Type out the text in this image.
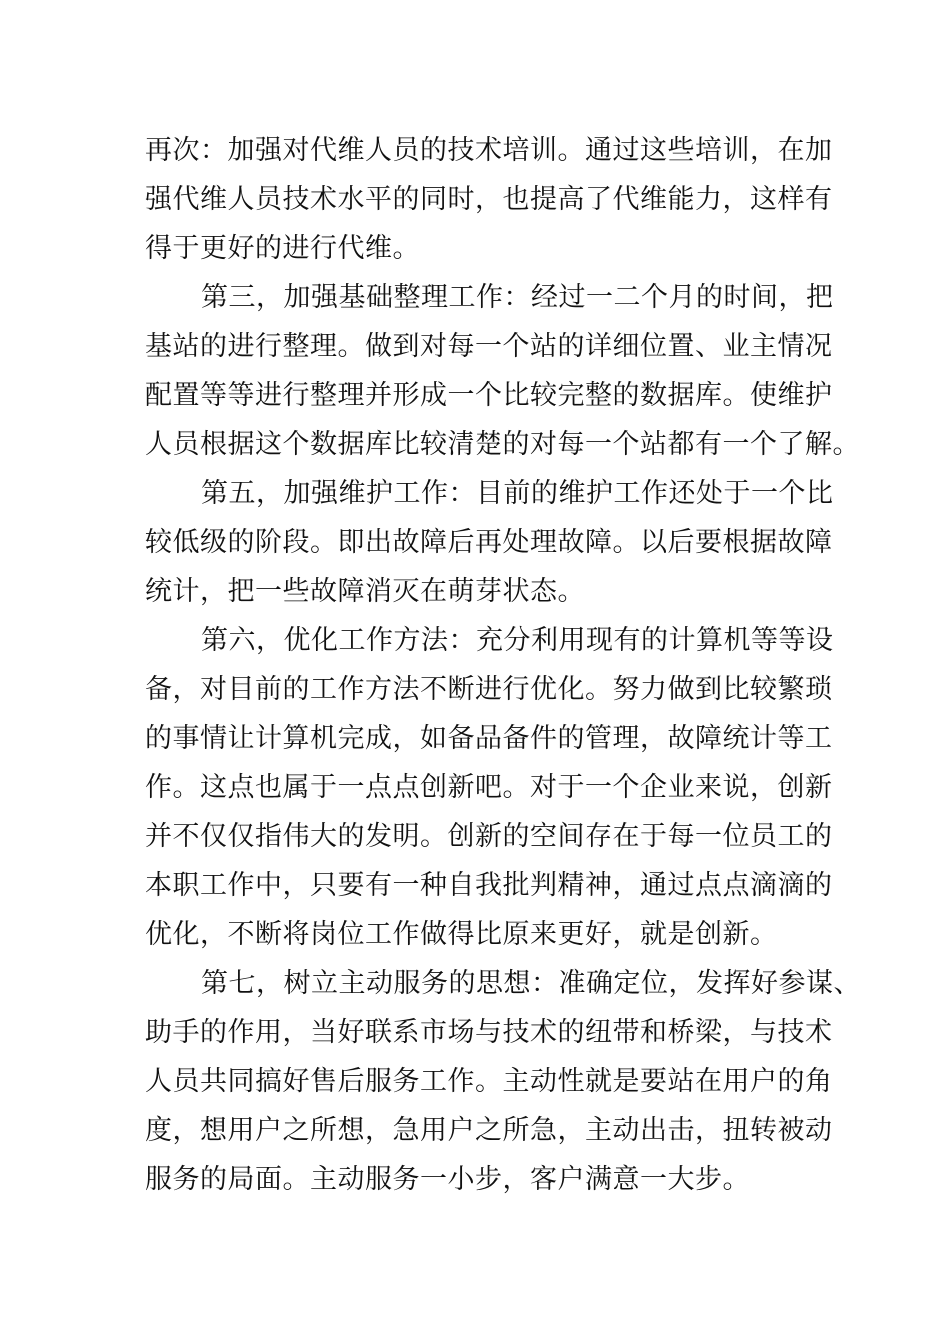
再次：加强对代维人员的技术培训。通过这些培训，在加
强代维人员技术水平的同时，也提高了代维能力，这样有
得于更好的进行代维。
第三，加强基础整理工作：经过一二个月的时间，把
基站的进行整理。做到对每一个站的详细位置、业主情况
配置等等进行整理并形成一个比较完整的数据库。使维护
人员根据这个数据库比较清楚的对每一个站都有一个了解。
第五，加强维护工作：目前的维护工作还处于一个比
较低级的阶段。即出故障后再处理故障。以后要根据故障
统计，把一些故障消灭在萌芽状态。
第六，优化工作方法：充分利用现有的计算机等等设
备，对目前的工作方法不断进行优化。努力做到比较繁琐
的事情让计算机完成，如备品备件的管理，故障统计等工
作。这点也属于一点点创新吧。对于一个企业来说，创新
并不仅仅指伟大的发明。创新的空间存在于每一位员工的
本职工作中，只要有一种自我批判精神，通过点点滴滴的
优化，不断将岗位工作做得比原来更好，就是创新。
第七，树立主动服务的思想：准确定位，发挥好参谋、
助手的作用，当好联系市场与技术的纽带和桥梁，与技术
人员共同搞好售后服务工作。主动性就是要站在用户的角
度，想用户之所想，急用户之所急，主动出击，扭转被动
服务的局面。主动服务一小步，客户满意一大步。
